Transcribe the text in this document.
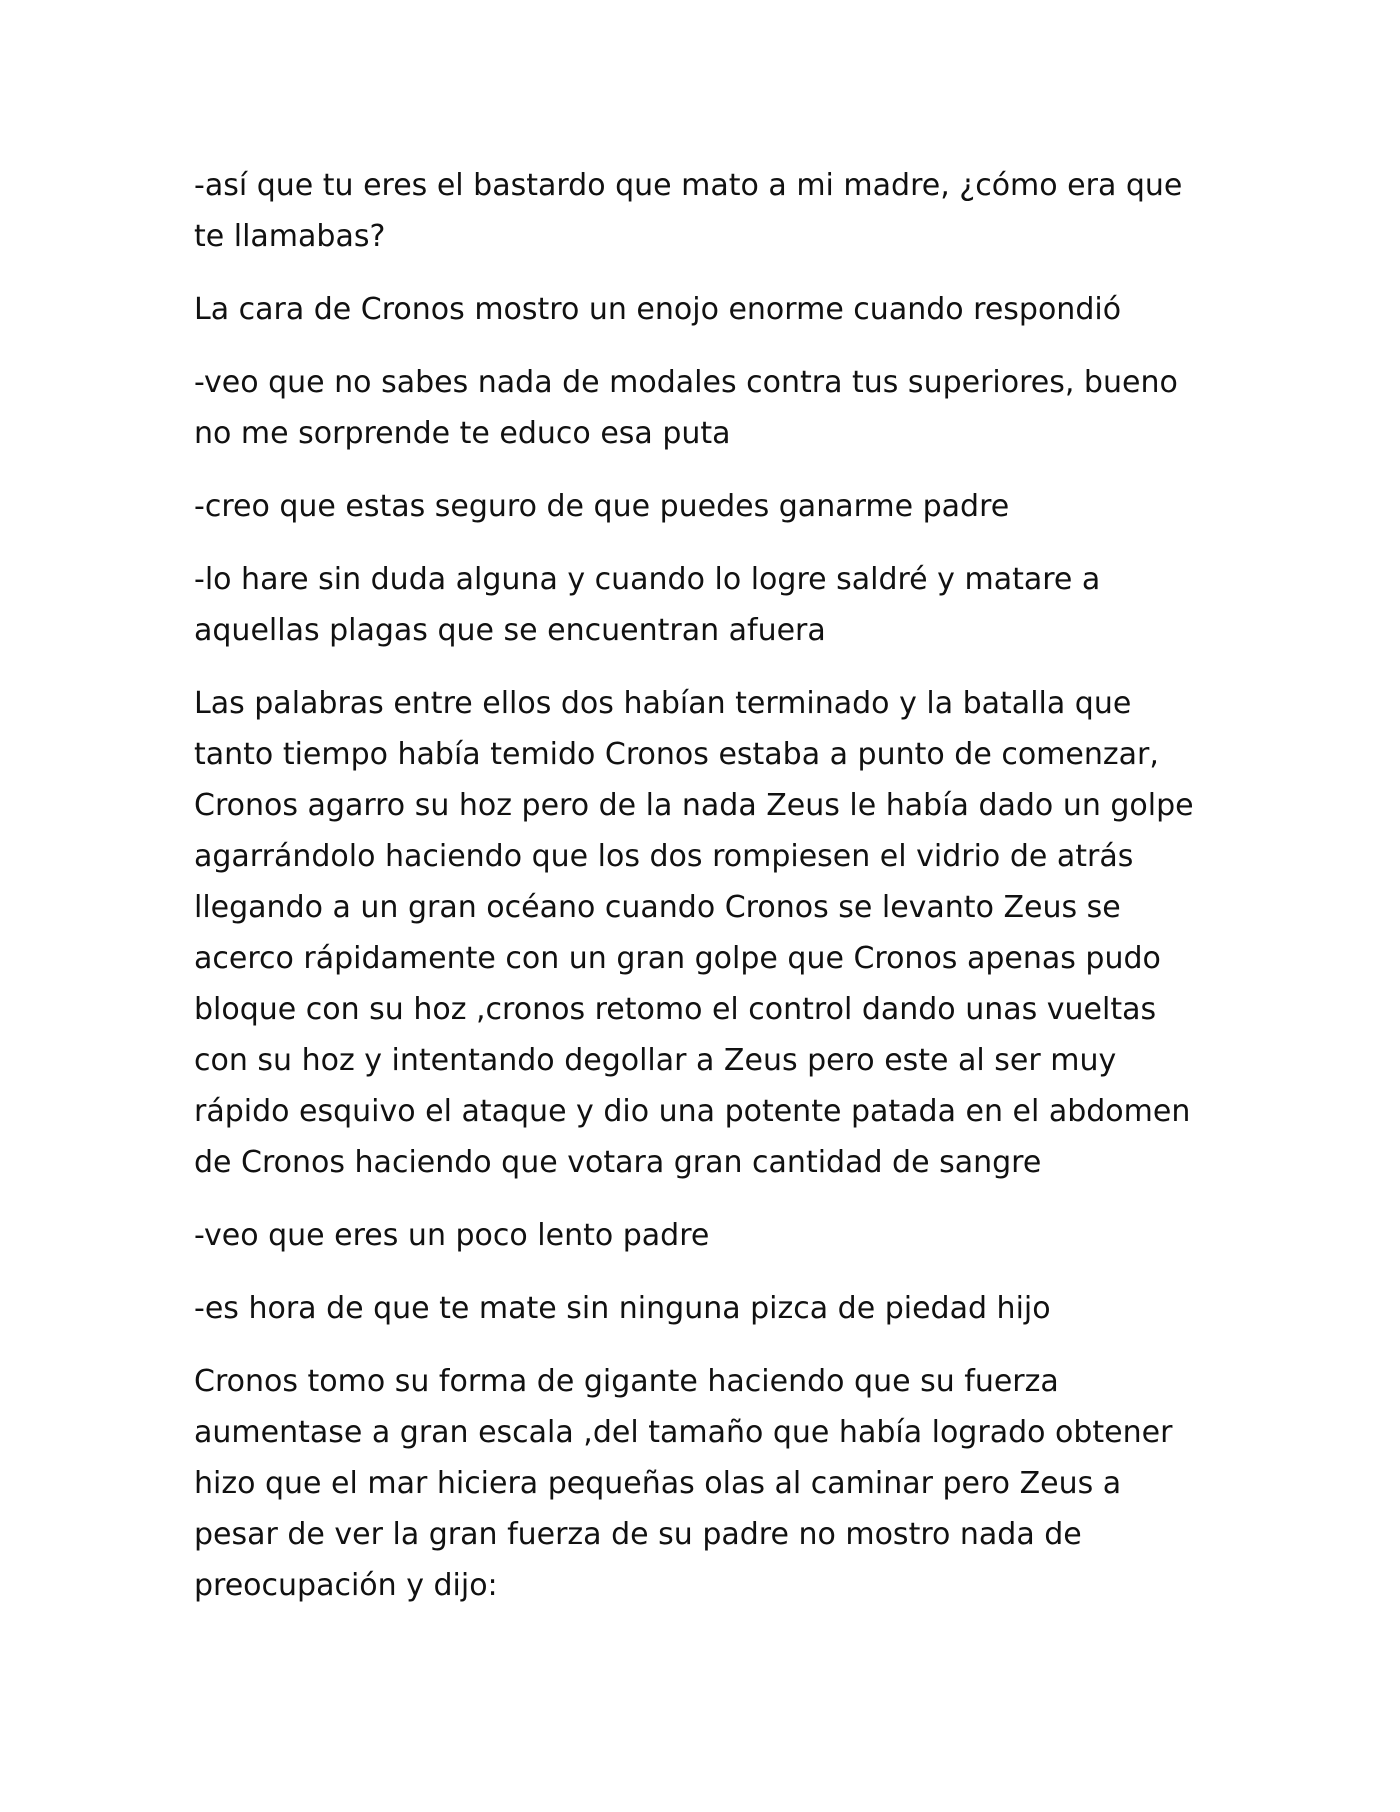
-así que tu eres el bastardo que mato a mi madre, ¿cómo era que te llamabas?

La cara de Cronos mostro un enojo enorme cuando respondió

-veo que no sabes nada de modales contra tus superiores, bueno no me sorprende te educo esa puta

-creo que estas seguro de que puedes ganarme padre

-lo hare sin duda alguna y cuando lo logre saldré y matare a aquellas plagas que se encuentran afuera

Las palabras entre ellos dos habían terminado y la batalla que tanto tiempo había temido Cronos estaba a punto de comenzar, Cronos agarro su hoz pero de la nada Zeus le había dado un golpe agarrándolo haciendo que los dos rompiesen el vidrio de atrás llegando a un gran océano cuando Cronos se levanto Zeus se acerco rápidamente con un gran golpe que Cronos apenas pudo bloque con su hoz ,cronos retomo el control dando unas vueltas con su hoz y intentando degollar a Zeus pero este al ser muy rápido esquivo el ataque y dio una potente patada en el abdomen de Cronos haciendo que votara gran cantidad de sangre

-veo que eres un poco lento padre

-es hora de que te mate sin ninguna pizca de piedad hijo

Cronos tomo su forma de gigante haciendo que su fuerza aumentase a gran escala ,del tamaño que había logrado obtener hizo que el mar hiciera pequeñas olas al caminar pero Zeus a pesar de ver la gran fuerza de su padre no mostro nada de preocupación y dijo:
